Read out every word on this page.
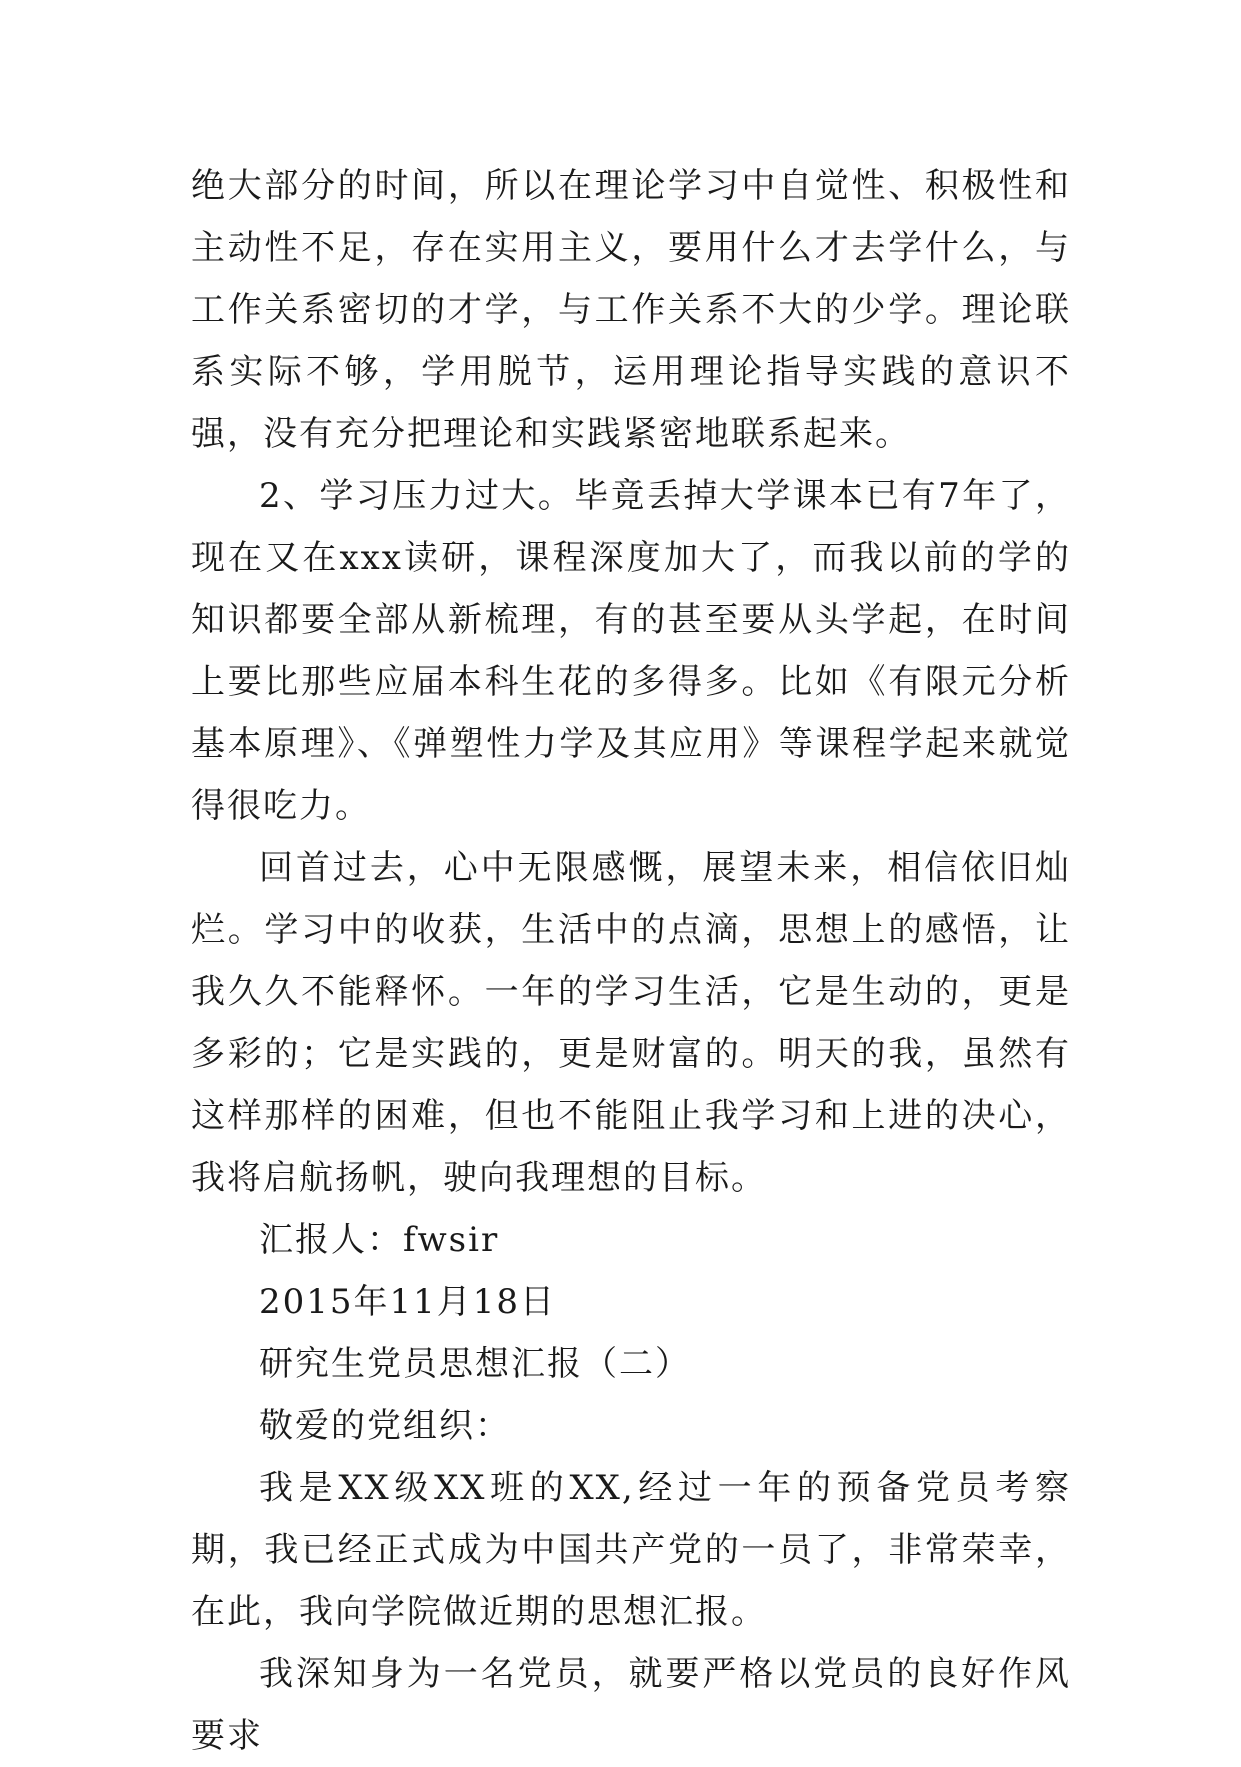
绝大部分的时间，所以在理论学习中自觉性、积极性和主动性不足，存在实用主义，要用什么才去学什么，与工作关系密切的才学，与工作关系不大的少学。理论联系实际不够，学用脱节，运用理论指导实践的意识不强，没有充分把理论和实践紧密地联系起来。

2、学习压力过大。毕竟丢掉大学课本已有7年了，现在又在xxx读研，课程深度加大了，而我以前的学的知识都要全部从新梳理，有的甚至要从头学起，在时间上要比那些应届本科生花的多得多。比如《有限元分析基本原理》、《弹塑性力学及其应用》等课程学起来就觉得很吃力。

回首过去，心中无限感慨，展望未来，相信依旧灿烂。学习中的收获，生活中的点滴，思想上的感悟，让我久久不能释怀。一年的学习生活，它是生动的，更是多彩的；它是实践的，更是财富的。明天的我，虽然有这样那样的困难，但也不能阻止我学习和上进的决心，我将启航扬帆，驶向我理想的目标。

汇报人：fwsir

2015年11月18日

研究生党员思想汇报（二）

敬爱的党组织：

我是XX级XX班的XX,经过一年的预备党员考察期，我已经正式成为中国共产党的一员了，非常荣幸，在此，我向学院做近期的思想汇报。

我深知身为一名党员，就要严格以党员的良好作风要求
